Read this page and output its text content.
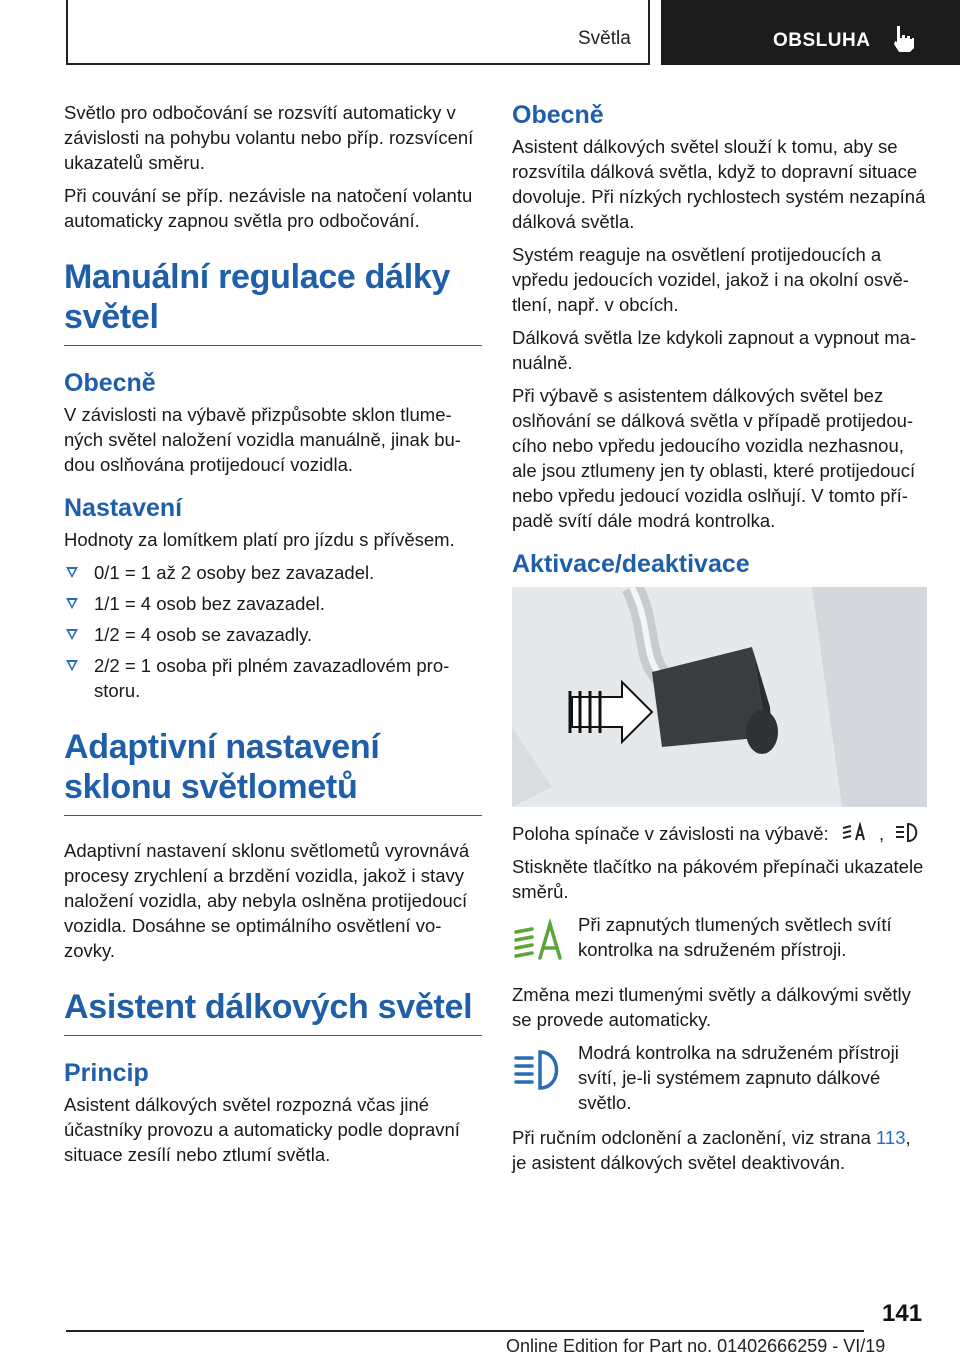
Světla	OBSLUHA

Světlo pro odbočování se rozsvítí automaticky v závislosti na pohybu volantu nebo příp. rozsvícení ukazatelů směru.

Při couvání se příp. nezávisle na natočení volantu automaticky zapnou světla pro odbočování.

Manuální regulace dálky světel
Obecně

V závislosti na výbavě přizpůsobte sklon tlumených světel naložení vozidla manuálně, jinak budou oslňována protijedoucí vozidla.

Nastavení

Hodnoty za lomítkem platí pro jízdu s přívěsem.

0/1 = 1 až 2 osoby bez zavazadel.
1/1 = 4 osob bez zavazadel.
1/2 = 4 osob se zavazadly.
2/2 = 1 osoba při plném zavazadlovém prostoru.
Adaptivní nastavení sklonu světlometů

Adaptivní nastavení sklonu světlometů vyrovnává procesy zrychlení a brzdění vozidla, jakož i stavy naložení vozidla, aby nebyla oslněna protijedoucí vozidla. Dosáhne se optimálního osvětlení vozovky.

Asistent dálkových světel
Princip

Asistent dálkových světel rozpozná včas jiné účastníky provozu a automaticky podle dopravní situace zesílí nebo ztlumí světla.

Obecně

Asistent dálkových světel slouží k tomu, aby se rozsvítila dálková světla, když to dopravní situace dovoluje. Při nízkých rychlostech systém nezapíná dálková světla.

Systém reaguje na osvětlení protijedoucích a vpředu jedoucích vozidel, jakož i na okolní osvětlení, např. v obcích.

Dálková světla lze kdykoli zapnout a vypnout manuálně.

Při výbavě s asistentem dálkových světel bez oslňování se dálková světla v případě protijedoucího nebo vpředu jedoucího vozidla nezhasnou, ale jsou ztlumeny jen ty oblasti, které protijedoucí nebo vpředu jedoucí vozidla oslňují. V tomto případě svítí dále modrá kontrolka.

Aktivace/deaktivace

Poloha spínače v závislosti na výbavě:	,

Stiskněte tlačítko na pákovém přepínači ukazatele směrů.

Při zapnutých tlumených světlech svítí kontrolka na sdruženém přístroji.

Změna mezi tlumenými světly a dálkovými světly se provede automaticky.

Modrá kontrolka na sdruženém přístroji svítí, je-li systémem zapnuto dálkové světlo.

Při ručním odclonění a zaclonění, viz strana 113, je asistent dálkových světel deaktivován.

141
Online Edition for Part no. 01402666259 - VI/19
